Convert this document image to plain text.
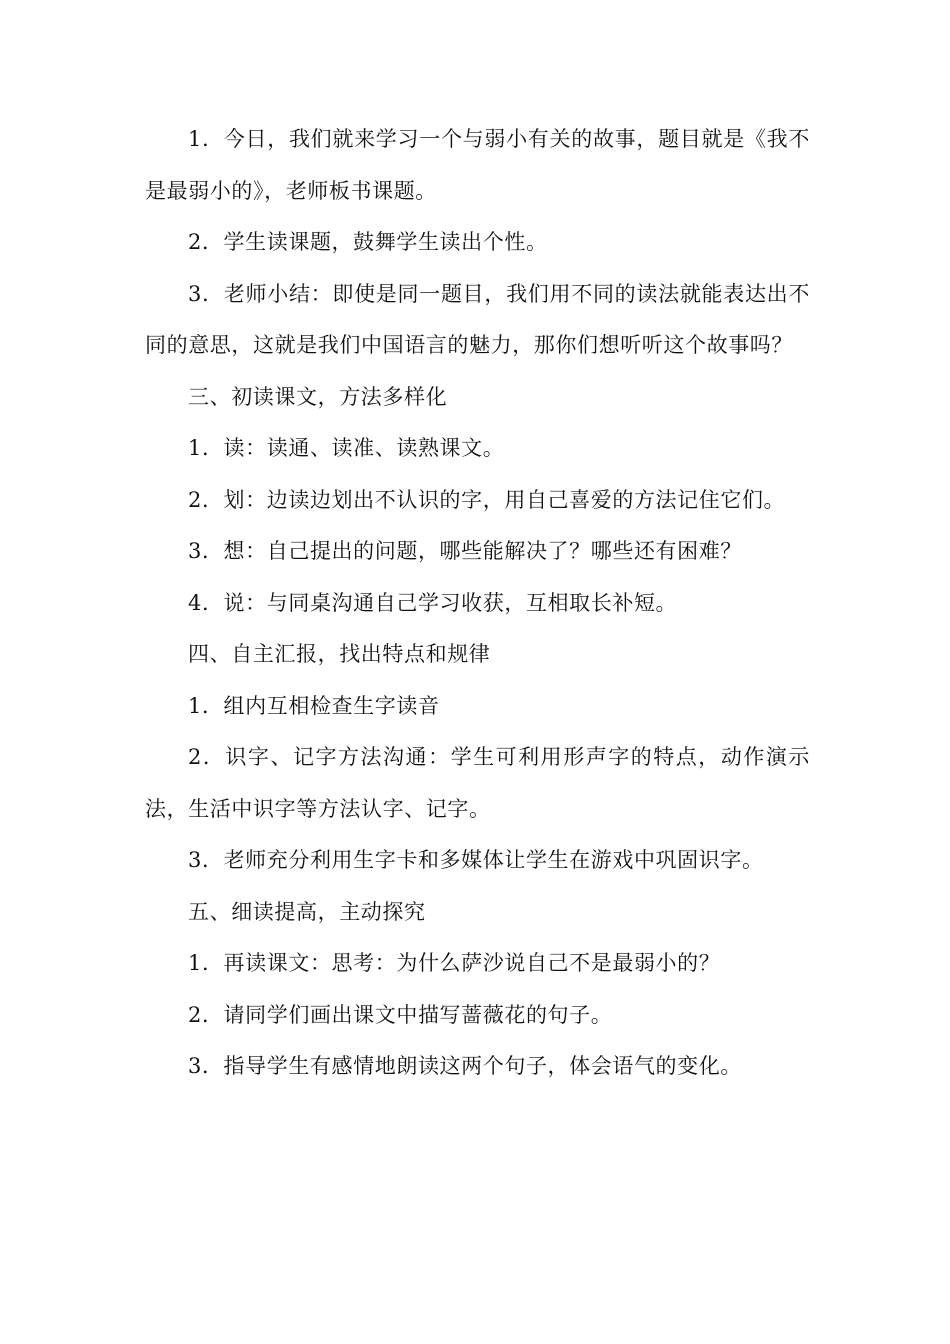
1．今日，我们就来学习一个与弱小有关的故事，题目就是《我不是最弱小的》，老师板书课题。

2．学生读课题，鼓舞学生读出个性。

3．老师小结：即使是同一题目，我们用不同的读法就能表达出不同的意思，这就是我们中国语言的魅力，那你们想听听这个故事吗？

三、初读课文，方法多样化

1．读：读通、读准、读熟课文。

2．划：边读边划出不认识的字，用自己喜爱的方法记住它们。

3．想：自己提出的问题，哪些能解决了？哪些还有困难？

4．说：与同桌沟通自己学习收获，互相取长补短。

四、自主汇报，找出特点和规律

1．组内互相检查生字读音

2．识字、记字方法沟通：学生可利用形声字的特点，动作演示法，生活中识字等方法认字、记字。

3．老师充分利用生字卡和多媒体让学生在游戏中巩固识字。

五、细读提高，主动探究

1．再读课文：思考：为什么萨沙说自己不是最弱小的？

2．请同学们画出课文中描写蔷薇花的句子。

3．指导学生有感情地朗读这两个句子，体会语气的变化。
